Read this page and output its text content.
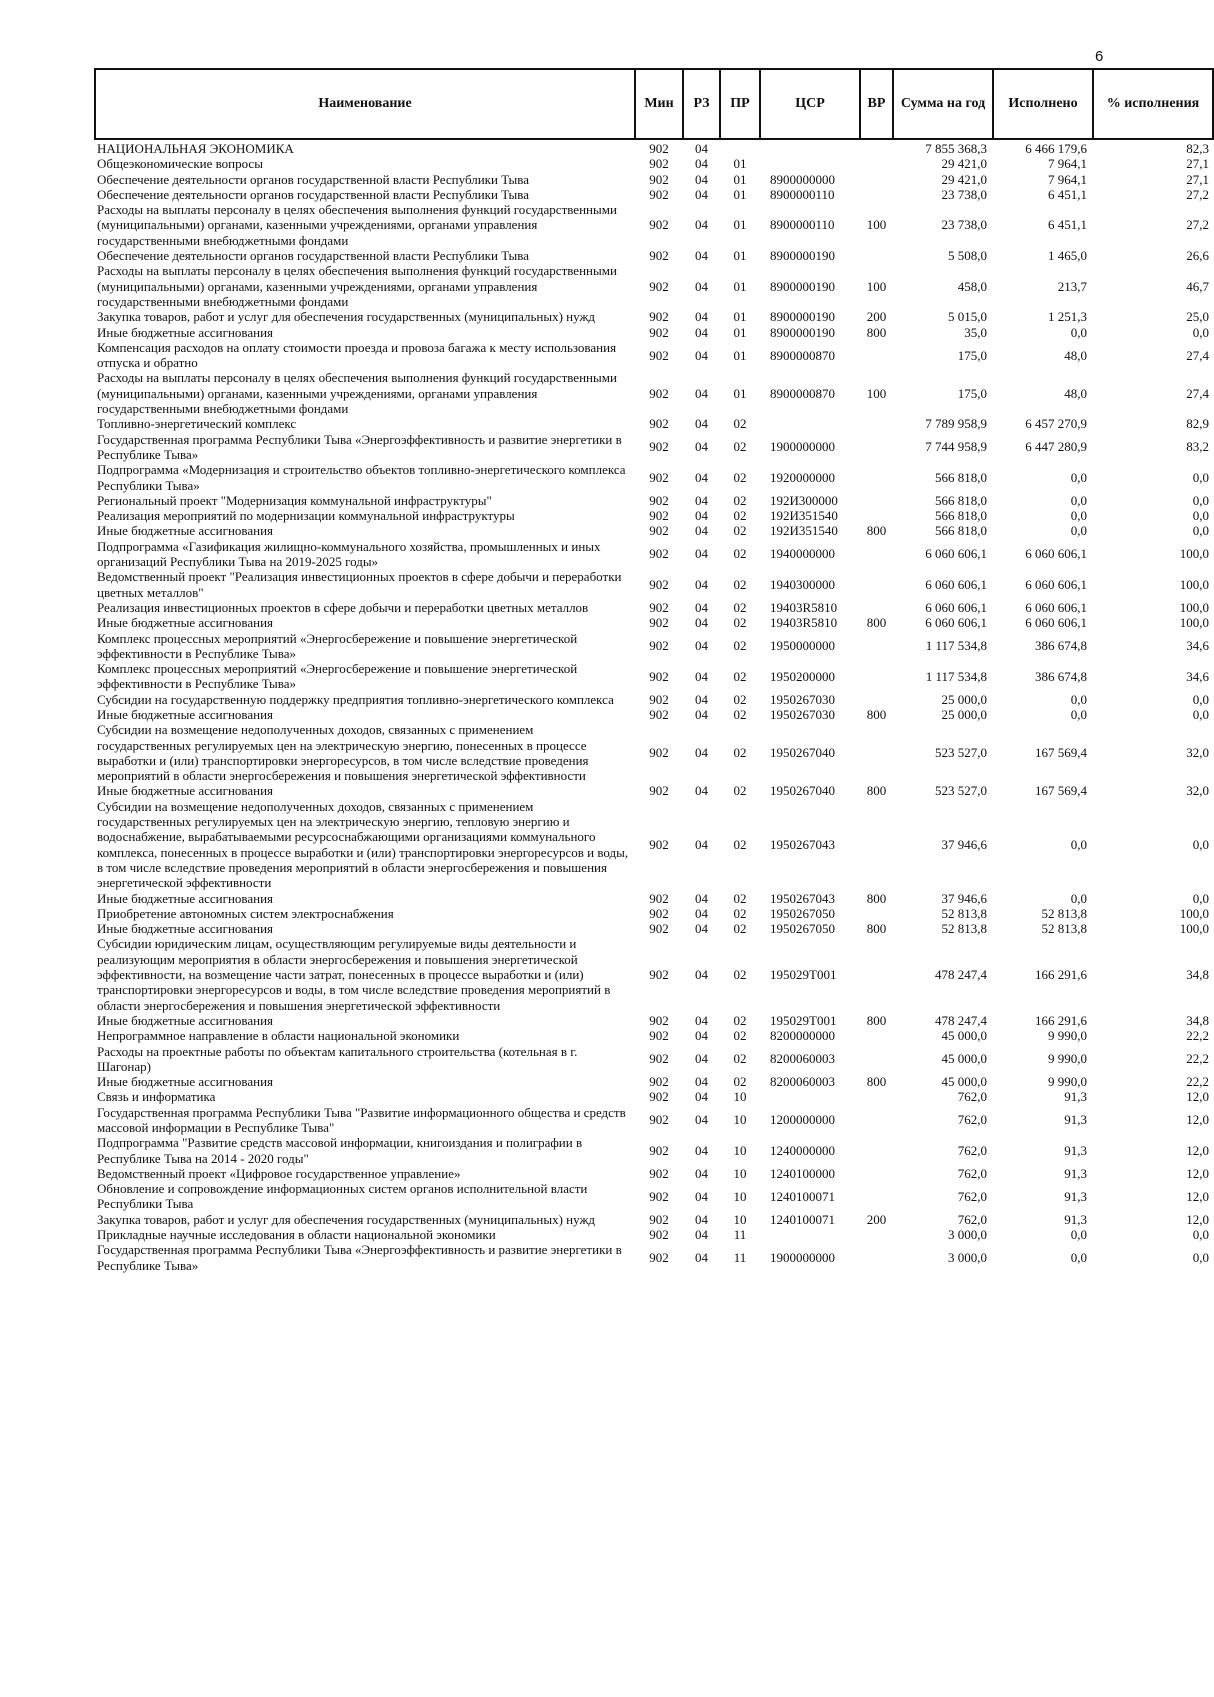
6
Наименование	Мин	РЗ	ПР	ЦСР	ВР	Сумма на год	Исполнено	% исполнения
НАЦИОНАЛЬНАЯ ЭКОНОМИКА	902	04				7 855 368,3	6 466 179,6	82,3
Общеэкономические вопросы	902	04	01			29 421,0	7 964,1	27,1
Обеспечение деятельности органов государственной власти Республики Тыва	902	04	01	8900000000		29 421,0	7 964,1	27,1
Обеспечение деятельности органов государственной власти Республики Тыва	902	04	01	8900000110		23 738,0	6 451,1	27,2
Расходы на выплаты персоналу в целях обеспечения выполнения функций государственными (муниципальными) органами, казенными учреждениями, органами управления государственными внебюджетными фондами	902	04	01	8900000110	100	23 738,0	6 451,1	27,2
Обеспечение деятельности органов государственной власти Республики Тыва	902	04	01	8900000190		5 508,0	1 465,0	26,6
Расходы на выплаты персоналу в целях обеспечения выполнения функций государственными (муниципальными) органами, казенными учреждениями, органами управления государственными внебюджетными фондами	902	04	01	8900000190	100	458,0	213,7	46,7
Закупка товаров, работ и услуг для обеспечения государственных (муниципальных) нужд	902	04	01	8900000190	200	5 015,0	1 251,3	25,0
Иные бюджетные ассигнования	902	04	01	8900000190	800	35,0	0,0	0,0
Компенсация расходов на оплату стоимости проезда и провоза багажа к месту использования отпуска и обратно	902	04	01	8900000870		175,0	48,0	27,4
Расходы на выплаты персоналу в целях обеспечения выполнения функций государственными (муниципальными) органами, казенными учреждениями, органами управления государственными внебюджетными фондами	902	04	01	8900000870	100	175,0	48,0	27,4
Топливно-энергетический комплекс	902	04	02			7 789 958,9	6 457 270,9	82,9
Государственная программа Республики Тыва «Энергоэффективность и развитие энергетики в Республике Тыва»	902	04	02	1900000000		7 744 958,9	6 447 280,9	83,2
Подпрограмма «Модернизация и строительство объектов топливно-энергетического комплекса Республики Тыва»	902	04	02	1920000000		566 818,0	0,0	0,0
Региональный проект "Модернизация коммунальной инфраструктуры"	902	04	02	192И300000		566 818,0	0,0	0,0
Реализация мероприятий по модернизации коммунальной инфраструктуры	902	04	02	192И351540		566 818,0	0,0	0,0
Иные бюджетные ассигнования	902	04	02	192И351540	800	566 818,0	0,0	0,0
Подпрограмма «Газификация жилищно-коммунального хозяйства, промышленных и иных организаций Республики Тыва на 2019-2025 годы»	902	04	02	1940000000		6 060 606,1	6 060 606,1	100,0
Ведомственный проект "Реализация инвестиционных проектов в сфере добычи и переработки цветных металлов"	902	04	02	1940300000		6 060 606,1	6 060 606,1	100,0
Реализация инвестиционных проектов в сфере добычи и переработки цветных металлов	902	04	02	19403R5810		6 060 606,1	6 060 606,1	100,0
Иные бюджетные ассигнования	902	04	02	19403R5810	800	6 060 606,1	6 060 606,1	100,0
Комплекс процессных мероприятий «Энергосбережение и повышение энергетической эффективности в Республике Тыва»	902	04	02	1950000000		1 117 534,8	386 674,8	34,6
Комплекс процессных мероприятий «Энергосбережение и повышение энергетической эффективности в Республике Тыва»	902	04	02	1950200000		1 117 534,8	386 674,8	34,6
Субсидии на государственную поддержку предприятия топливно-энергетического комплекса	902	04	02	1950267030		25 000,0	0,0	0,0
Иные бюджетные ассигнования	902	04	02	1950267030	800	25 000,0	0,0	0,0
Субсидии на возмещение недополученных доходов, связанных с применением государственных регулируемых цен на электрическую энергию, понесенных в процессе выработки и (или) транспортировки энергоресурсов, в том числе вследствие проведения мероприятий в области энергосбережения и повышения энергетической эффективности	902	04	02	1950267040		523 527,0	167 569,4	32,0
Иные бюджетные ассигнования	902	04	02	1950267040	800	523 527,0	167 569,4	32,0
Субсидии на возмещение недополученных доходов, связанных с применением государственных регулируемых цен на электрическую энергию, тепловую энергию и водоснабжение, вырабатываемыми ресурсоснабжающими организациями коммунального комплекса, понесенных в процессе выработки и (или) транспортировки энергоресурсов и воды, в том числе вследствие проведения мероприятий в области энергосбережения и повышения энергетической эффективности	902	04	02	1950267043		37 946,6	0,0	0,0
Иные бюджетные ассигнования	902	04	02	1950267043	800	37 946,6	0,0	0,0
Приобретение автономных систем электроснабжения	902	04	02	1950267050		52 813,8	52 813,8	100,0
Иные бюджетные ассигнования	902	04	02	1950267050	800	52 813,8	52 813,8	100,0
Субсидии юридическим лицам, осуществляющим регулируемые виды деятельности и реализующим мероприятия в области энергосбережения и повышения энергетической эффективности, на возмещение части затрат, понесенных в процессе выработки и (или) транспортировки энергоресурсов и воды, в том числе вследствие проведения мероприятий в области энергосбережения и повышения энергетической эффективности	902	04	02	195029T001		478 247,4	166 291,6	34,8
Иные бюджетные ассигнования	902	04	02	195029T001	800	478 247,4	166 291,6	34,8
Непрограммное направление в области национальной экономики	902	04	02	8200000000		45 000,0	9 990,0	22,2
Расходы на проектные работы по объектам капитального строительства (котельная в г. Шагонар)	902	04	02	8200060003		45 000,0	9 990,0	22,2
Иные бюджетные ассигнования	902	04	02	8200060003	800	45 000,0	9 990,0	22,2
Связь и информатика	902	04	10			762,0	91,3	12,0
Государственная программа Республики Тыва "Развитие информационного общества и средств массовой информации в Республике Тыва"	902	04	10	1200000000		762,0	91,3	12,0
Подпрограмма "Развитие средств массовой информации, книгоиздания и полиграфии в Республике Тыва на 2014 - 2020 годы"	902	04	10	1240000000		762,0	91,3	12,0
Ведомственный проект «Цифровое государственное управление»	902	04	10	1240100000		762,0	91,3	12,0
Обновление и сопровождение информационных систем органов исполнительной власти Республики Тыва	902	04	10	1240100071		762,0	91,3	12,0
Закупка товаров, работ и услуг для обеспечения государственных (муниципальных) нужд	902	04	10	1240100071	200	762,0	91,3	12,0
Прикладные научные исследования в области национальной экономики	902	04	11			3 000,0	0,0	0,0
Государственная программа Республики Тыва «Энергоэффективность и развитие энергетики в Республике Тыва»	902	04	11	1900000000		3 000,0	0,0	0,0
